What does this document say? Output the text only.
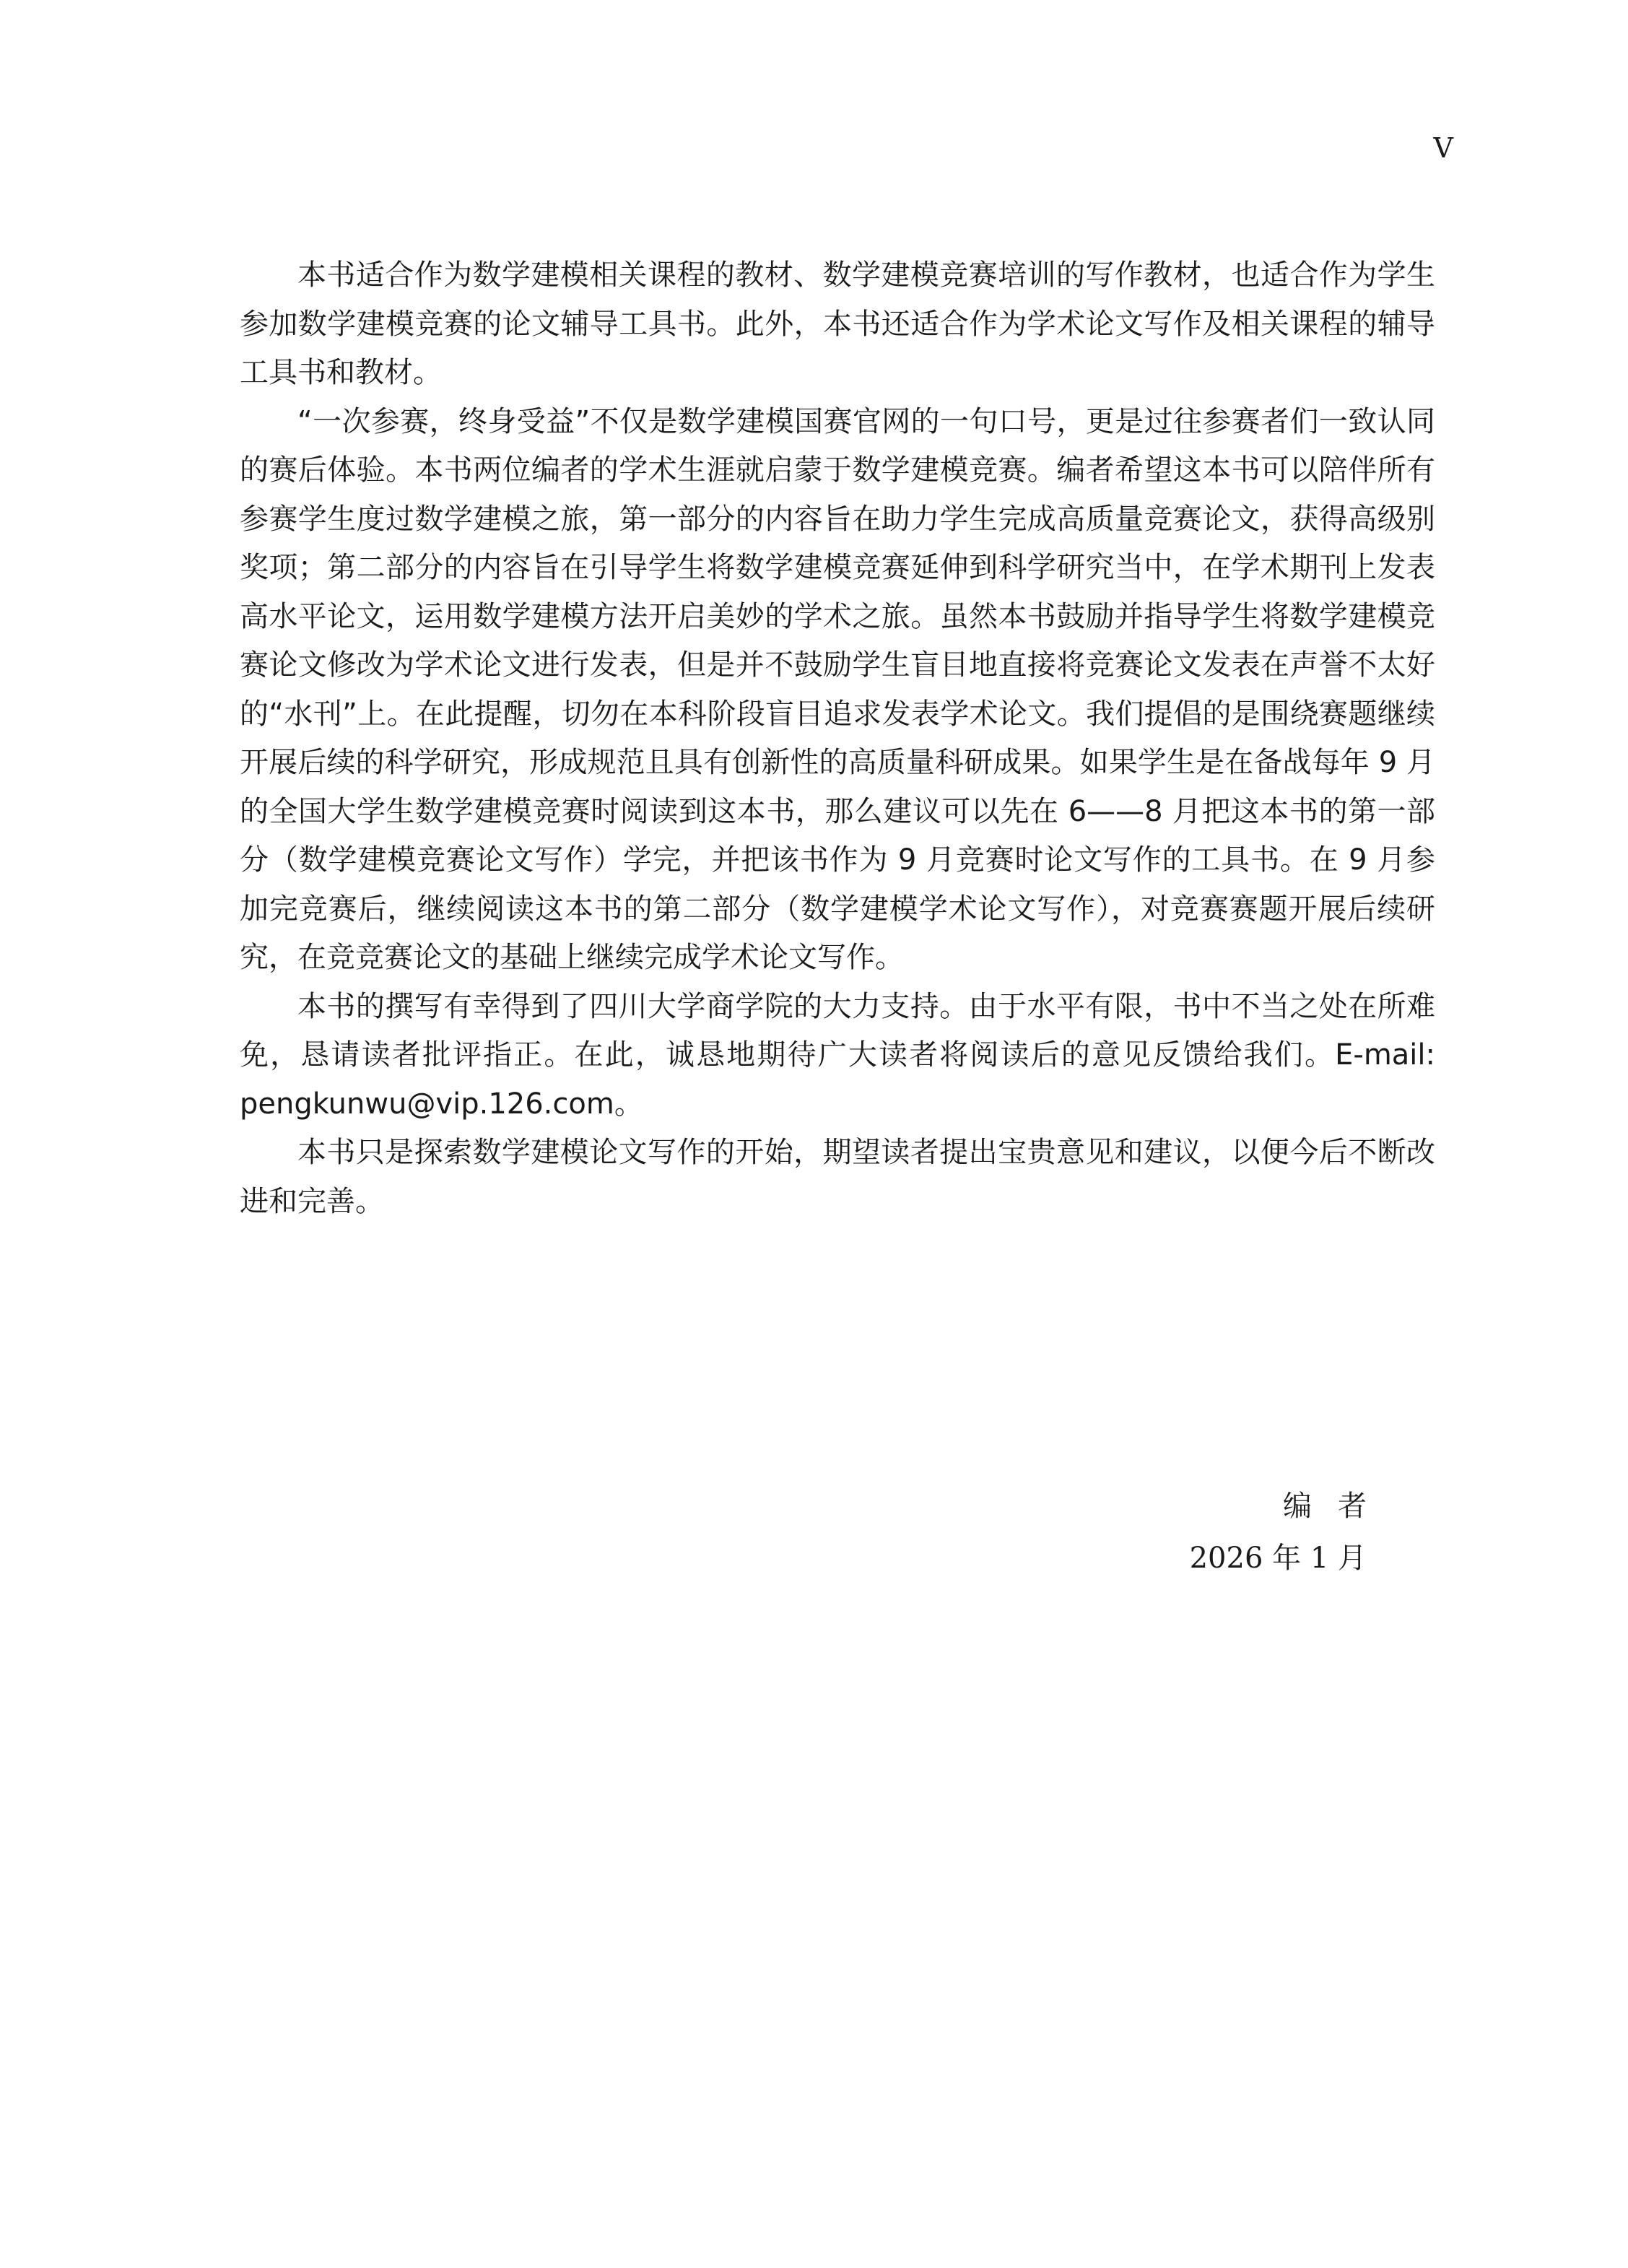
V

本书适合作为数学建模相关课程的教材、数学建模竞赛培训的写作教材，也适合作为学生参加数学建模竞赛的论文辅导工具书。此外，本书还适合作为学术论文写作及相关课程的辅导工具书和教材。

“一次参赛，终身受益”不仅是数学建模国赛官网的一句口号，更是过往参赛者们一致认同的赛后体验。本书两位编者的学术生涯就启蒙于数学建模竞赛。编者希望这本书可以陪伴所有参赛学生度过数学建模之旅，第一部分的内容旨在助力学生完成高质量竞赛论文，获得高级别奖项；第二部分的内容旨在引导学生将数学建模竞赛延伸到科学研究当中，在学术期刊上发表高水平论文，运用数学建模方法开启美妙的学术之旅。虽然本书鼓励并指导学生将数学建模竞赛论文修改为学术论文进行发表，但是并不鼓励学生盲目地直接将竞赛论文发表在声誉不太好的“水刊”上。在此提醒，切勿在本科阶段盲目追求发表学术论文。我们提倡的是围绕赛题继续开展后续的科学研究，形成规范且具有创新性的高质量科研成果。如果学生是在备战每年 9 月的全国大学生数学建模竞赛时阅读到这本书，那么建议可以先在 6——8 月把这本书的第一部分（数学建模竞赛论文写作）学完，并把该书作为 9 月竞赛时论文写作的工具书。在 9 月参加完竞赛后，继续阅读这本书的第二部分（数学建模学术论文写作），对竞赛赛题开展后续研究，在竞竞赛论文的基础上继续完成学术论文写作。

本书的撰写有幸得到了四川大学商学院的大力支持。由于水平有限，书中不当之处在所难免，恳请读者批评指正。在此，诚恳地期待广大读者将阅读后的意见反馈给我们。E-mail: pengkunwu@vip.126.com。

本书只是探索数学建模论文写作的开始，期望读者提出宝贵意见和建议，以便今后不断改进和完善。

编者
2026 年 1 月
